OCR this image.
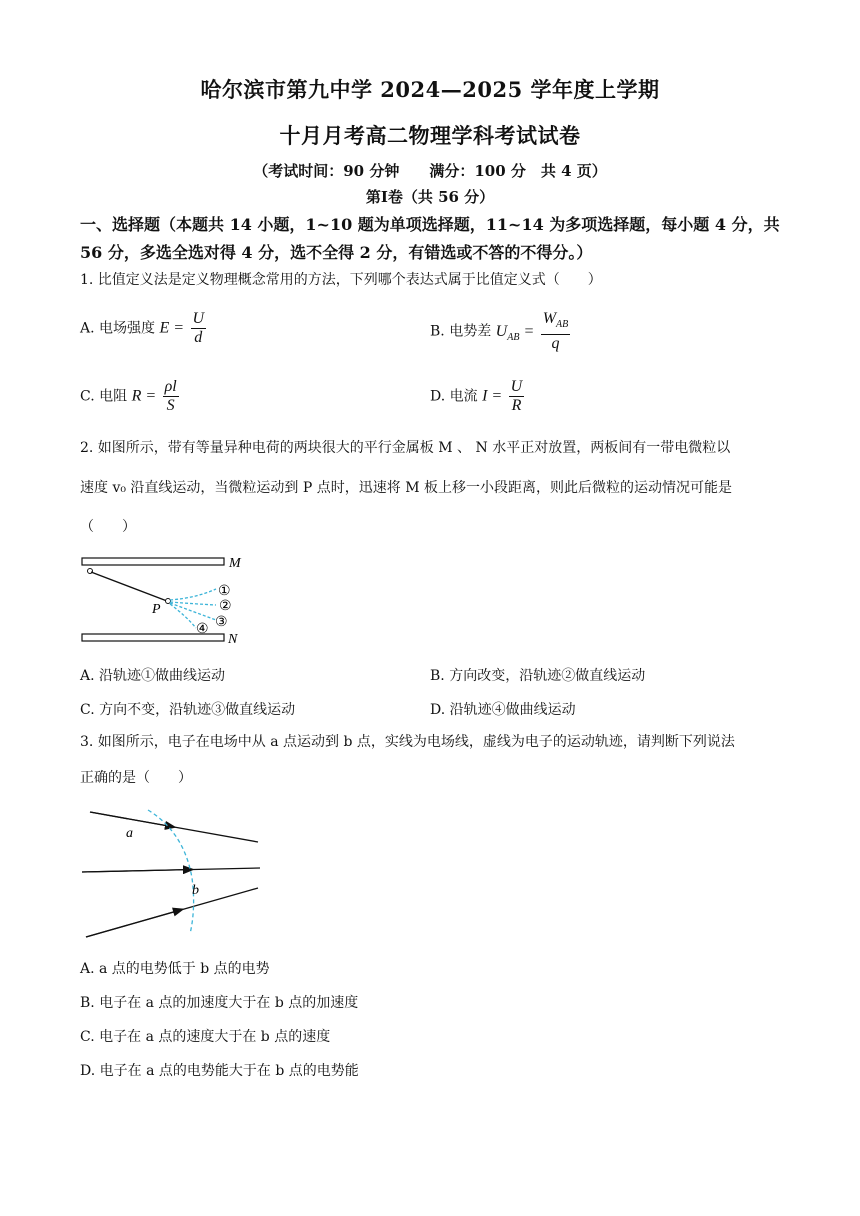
哈尔滨市第九中学 2024—2025 学年度上学期
十月月考高二物理学科考试试卷
（考试时间：90 分钟　　满分：100 分　共 4 页）
第Ⅰ卷（共 56 分）
一、选择题（本题共 14 小题，1~10 题为单项选择题，11~14 为多项选择题，每小题 4 分，共 56 分，多选全选对得 4 分，选不全得 2 分，有错选或不答的不得分。）
1. 比值定义法是定义物理概念常用的方法，下列哪个表达式属于比值定义式（　　）
A. 电场强度 $E = \frac{U}{d}$	B. 电势差 $U_{AB} = \frac{W_{AB}}{q}$
C. 电阻 $R = \frac{\rho l}{S}$	D. 电流 $I = \frac{U}{R}$
2. 如图所示，带有等量异种电荷的两块很大的平行金属板 M 、 N 水平正对放置，两板间有一带电微粒以
速度 v₀ 沿直线运动，当微粒运动到 P 点时，迅速将 M 板上移一小段距离，则此后微粒的运动情况可能是
（　　）
M
N
P
①
②
③
④
A. 沿轨迹①做曲线运动	B. 方向改变，沿轨迹②做直线运动
C. 方向不变，沿轨迹③做直线运动	D. 沿轨迹④做曲线运动
3. 如图所示，电子在电场中从 a 点运动到 b 点，实线为电场线，虚线为电子的运动轨迹，请判断下列说法
正确的是（　　）
a
b
A. a 点的电势低于 b 点的电势
B. 电子在 a 点的加速度大于在 b 点的加速度
C. 电子在 a 点的速度大于在 b 点的速度
D. 电子在 a 点的电势能大于在 b 点的电势能
